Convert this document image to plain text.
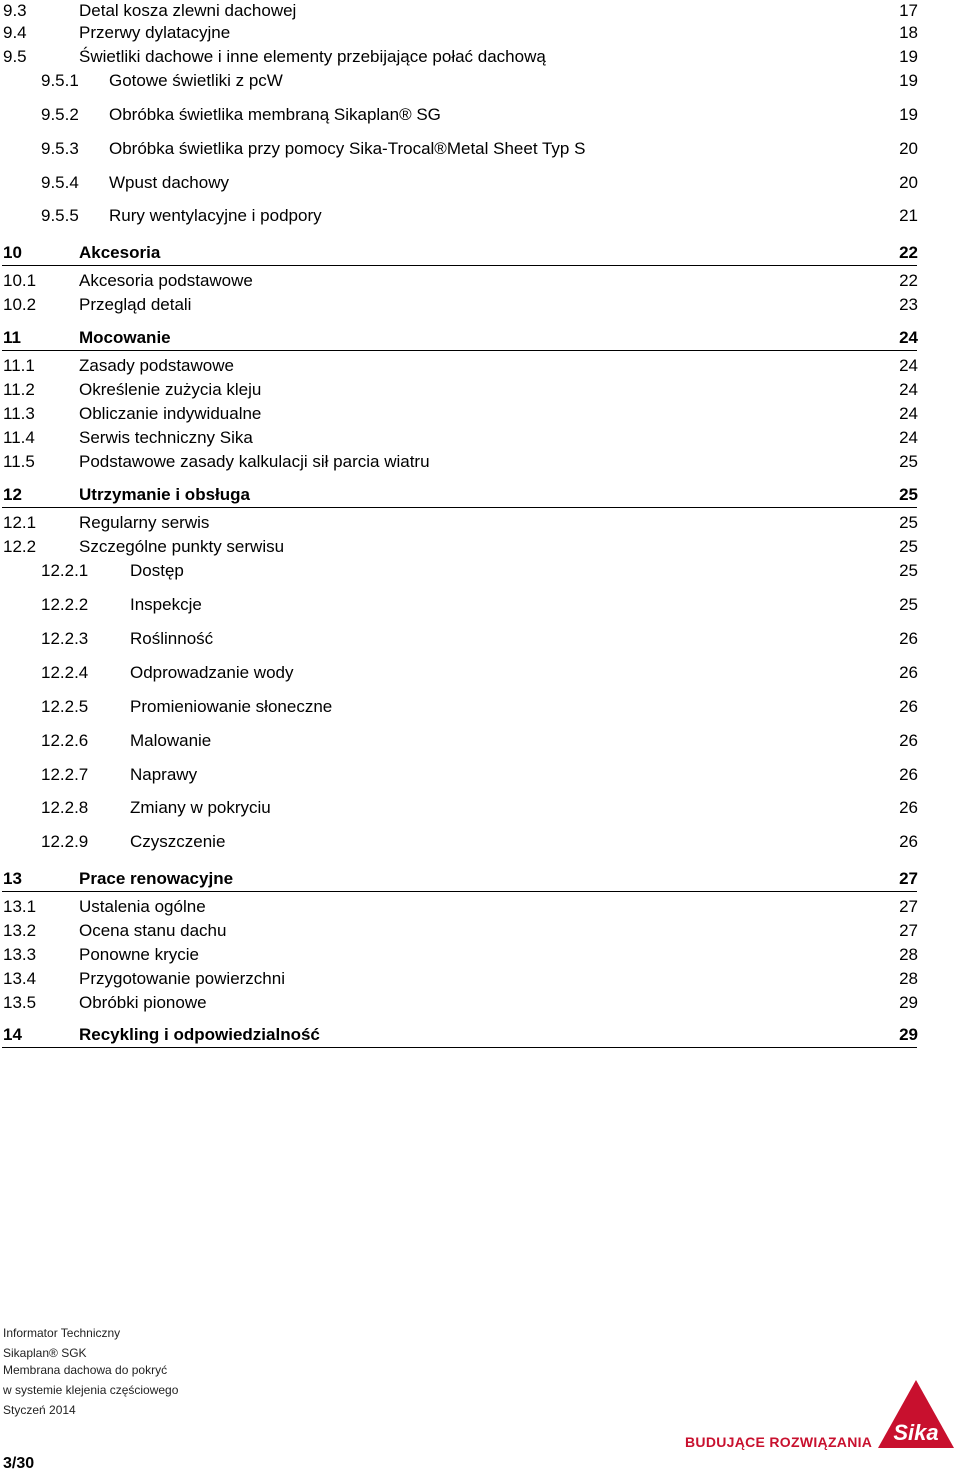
9.3	Detal kosza zlewni dachowej	17
9.4	Przerwy dylatacyjne	18
9.5	Świetliki dachowe i inne elementy przebijające połać dachową	19
9.5.1 Gotowe świetliki z pcW	19
9.5.2 Obróbka świetlika membraną Sikaplan® SG	19
9.5.3 Obróbka świetlika przy pomocy Sika-Trocal®Metal Sheet Typ S	20
9.5.4 Wpust dachowy	20
9.5.5 Rury wentylacyjne i podpory	21
10	Akcesoria	22
10.1	Akcesoria podstawowe	22
10.2	Przegląd detali	23
11	Mocowanie	24
11.1	Zasady podstawowe	24
11.2	Określenie zużycia kleju	24
11.3	Obliczanie indywidualne	24
11.4	Serwis techniczny Sika	24
11.5	Podstawowe zasady kalkulacji sił parcia wiatru	25
12	Utrzymanie i obsługa	25
12.1	Regularny serwis	25
12.2	Szczególne punkty serwisu	25
12.2.1 Dostęp	25
12.2.2 Inspekcje	25
12.2.3 Roślinność	26
12.2.4 Odprowadzanie wody	26
12.2.5 Promieniowanie słoneczne	26
12.2.6 Malowanie	26
12.2.7 Naprawy	26
12.2.8 Zmiany w pokryciu	26
12.2.9 Czyszczenie	26
13	Prace renowacyjne	27
13.1	Ustalenia ogólne	27
13.2	Ocena stanu dachu	27
13.3	Ponowne krycie	28
13.4	Przygotowanie powierzchni	28
13.5	Obróbki pionowe	29
14	Recykling i odpowiedzialność	29
Informator Techniczny
Sikaplan® SGK
Membrana dachowa do pokryć
w systemie klejenia częściowego
Styczeń 2014
3/30
Sika
BUDUJĄCE ROZWIĄZANIA
